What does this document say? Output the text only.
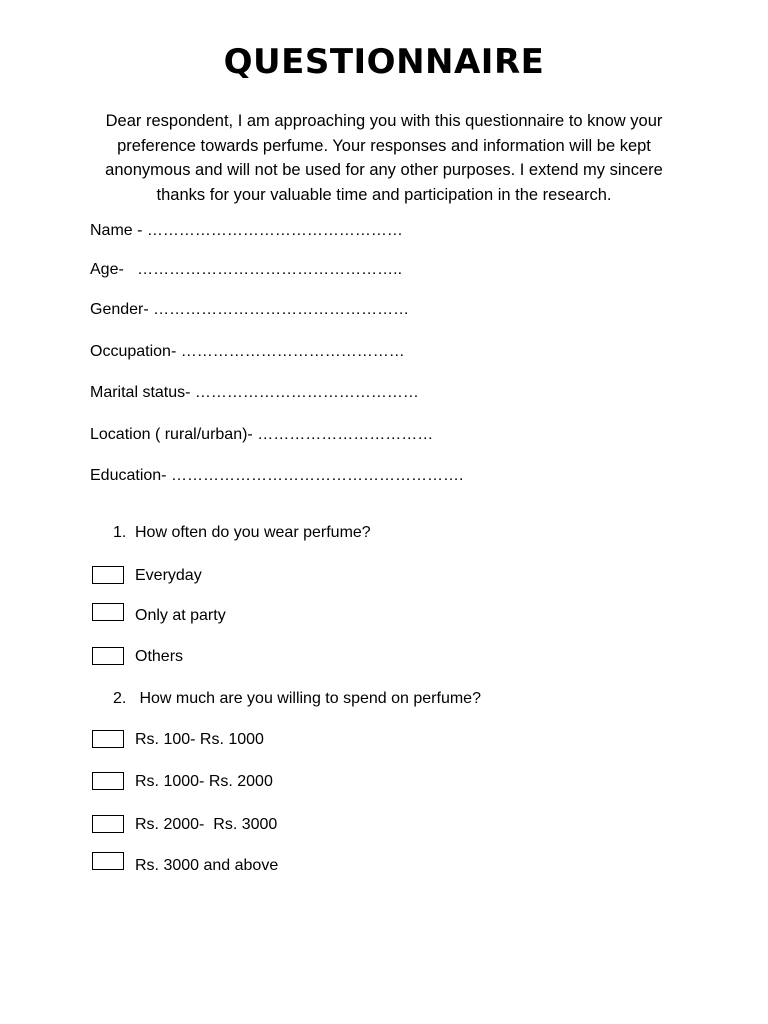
QUESTIONNAIRE
Dear respondent, I am approaching you with this questionnaire to know your preference towards perfume. Your responses and information will be kept anonymous and will not be used for any other purposes. I extend my sincere thanks for your valuable time and participation in the research.
Name - …………………………………………
Age-   …………………………………………..
Gender- …………………………………………
Occupation- ……………………………………
Marital status- ……………………………………
Location ( rural/urban)- ……………………………
Education- ……………………………………………….
1. How often do you wear perfume?
Everyday
Only at party
Others
2. How much are you willing to spend on perfume?
Rs. 100- Rs. 1000
Rs. 1000- Rs. 2000
Rs. 2000-  Rs. 3000
Rs. 3000 and above
